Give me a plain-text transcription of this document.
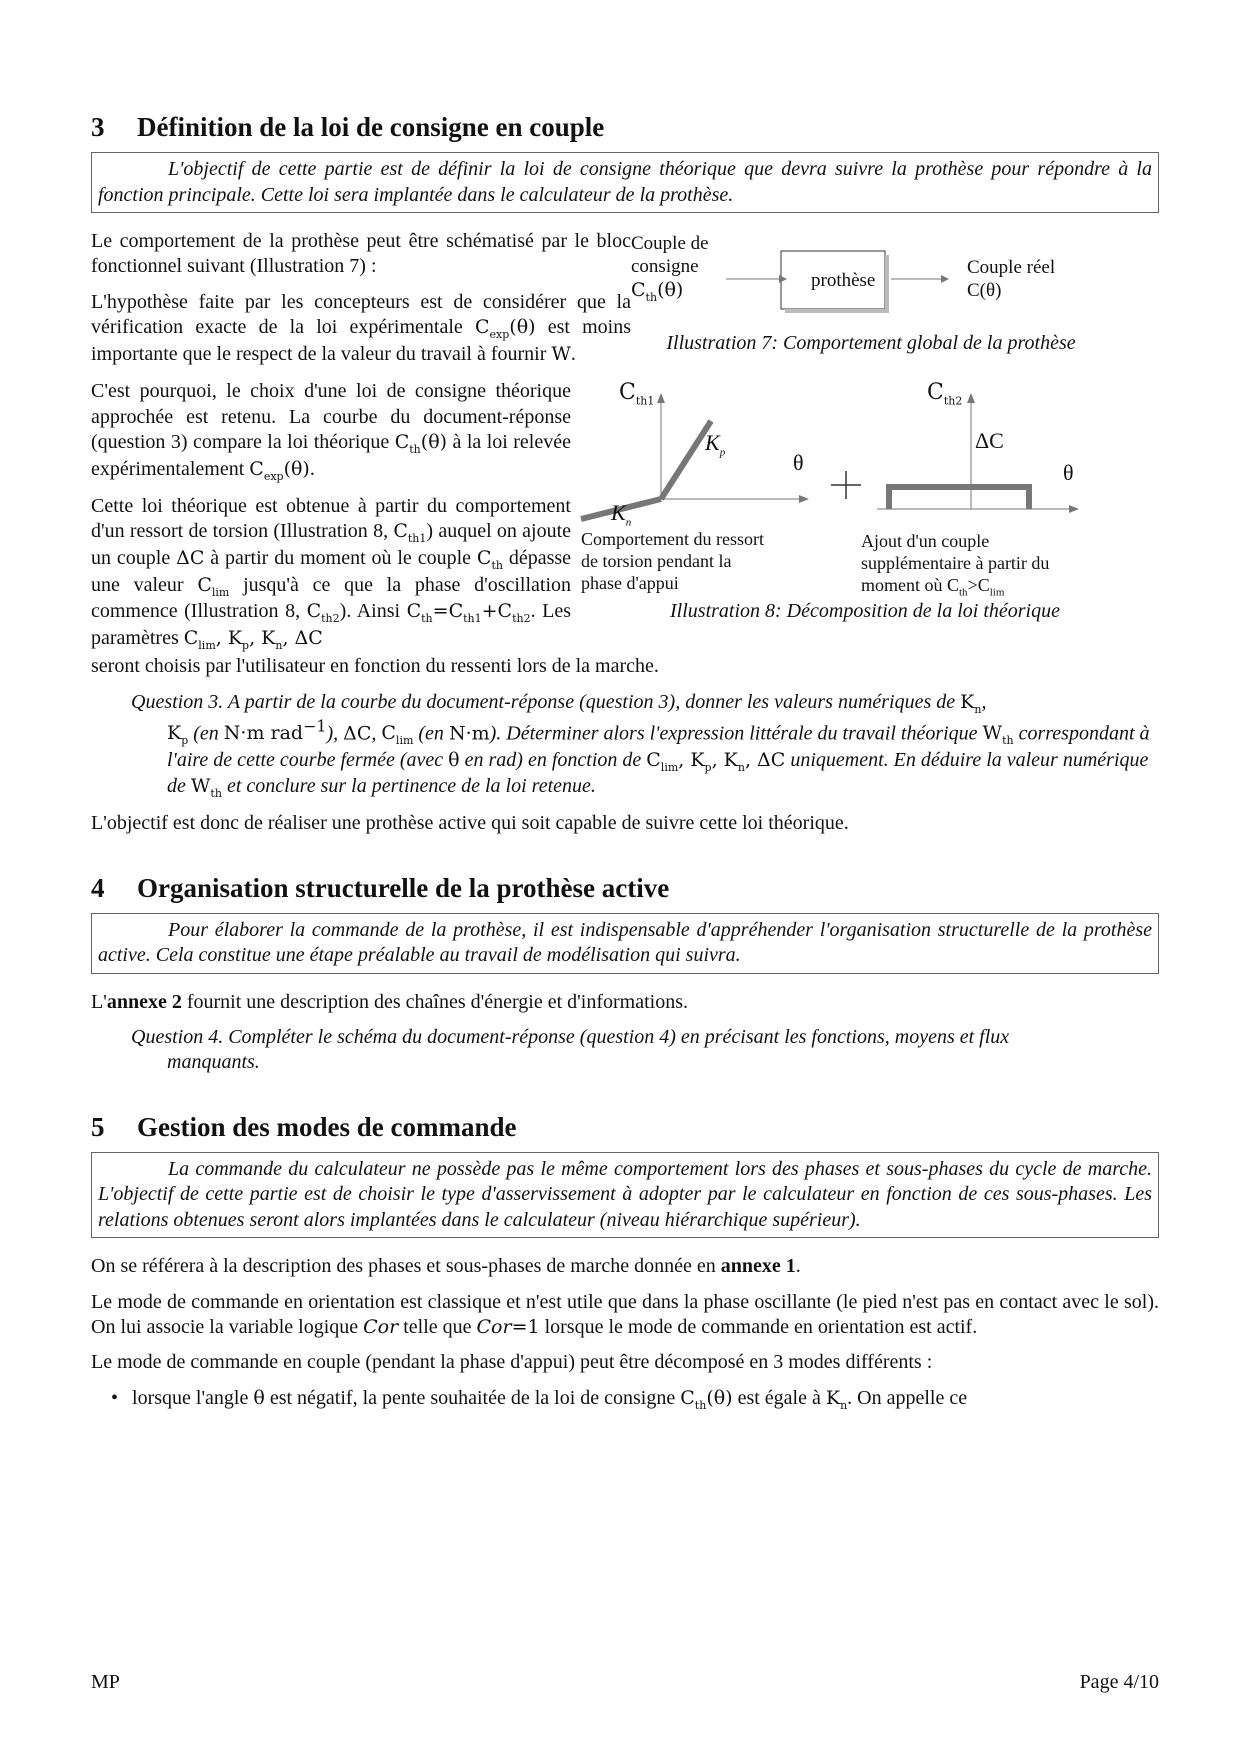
3 Définition de la loi de consigne en couple
L'objectif de cette partie est de définir la loi de consigne théorique que devra suivre la prothèse pour répondre à la fonction principale. Cette loi sera implantée dans le calculateur de la prothèse.

Le comportement de la prothèse peut être schématisé par le bloc fonctionnel suivant (Illustration 7) :

L'hypothèse faite par les concepteurs est de considérer que la vérification exacte de la loi expérimentale $C_{exp}(\theta)$ est moins importante que le respect de la valeur du travail à fournir W.

prothèse
Couple de
consigne
$C_{th}(\theta)$
Couple réel
C(θ)
Illustration 7: Comportement global de la prothèse

C'est pourquoi, le choix d'une loi de consigne théorique approchée est retenu. La courbe du document-réponse (question 3) compare la loi théorique $C_{th}(\theta)$ à la loi relevée expérimentalement $C_{exp}(\theta)$.

Cette loi théorique est obtenue à partir du comportement d'un ressort de torsion (Illustration 8, $C_{th1}$) auquel on ajoute un couple ΔC à partir du moment où le couple $C_{th}$ dépasse une valeur $C_{lim}$ jusqu'à ce que la phase d'oscillation commence (Illustration 8, $C_{th2}$). Ainsi $C_{th}=C_{th1}+C_{th2}$. Les paramètres $C_{lim}$, $K_p$, $K_n$, ΔC

$C_{th1}$
$K_p$
$K_n$
θ
$C_{th2}$
ΔC
θ
Comportement du ressort
de torsion pendant la
phase d'appui
Ajout d'un couple
supplémentaire à partir du
moment où $C_{th}>C_{lim}$
Illustration 8: Décomposition de la loi théorique

seront choisis par l'utilisateur en fonction du ressenti lors de la marche.

Question 3. A partir de la courbe du document-réponse (question 3), donner les valeurs numériques de $K_n$,
$K_p$ (en N·m rad$^{-1}$), ΔC, $C_{lim}$ (en N·m). Déterminer alors l'expression littérale du travail théorique $W_{th}$ correspondant à l'aire de cette courbe fermée (avec θ en rad) en fonction de $C_{lim}$, $K_p$, $K_n$, ΔC uniquement. En déduire la valeur numérique de $W_{th}$ et conclure sur la pertinence de la loi retenue.

L'objectif est donc de réaliser une prothèse active qui soit capable de suivre cette loi théorique.

4 Organisation structurelle de la prothèse active
Pour élaborer la commande de la prothèse, il est indispensable d'appréhender l'organisation structurelle de la prothèse active. Cela constitue une étape préalable au travail de modélisation qui suivra.

L'annexe 2 fournit une description des chaînes d'énergie et d'informations.

Question 4. Compléter le schéma du document-réponse (question 4) en précisant les fonctions, moyens et flux
manquants.
5 Gestion des modes de commande
La commande du calculateur ne possède pas le même comportement lors des phases et sous-phases du cycle de marche. L'objectif de cette partie est de choisir le type d'asservissement à adopter par le calculateur en fonction de ces sous-phases. Les relations obtenues seront alors implantées dans le calculateur (niveau hiérarchique supérieur).

On se référera à la description des phases et sous-phases de marche donnée en annexe 1.

Le mode de commande en orientation est classique et n'est utile que dans la phase oscillante (le pied n'est pas en contact avec le sol). On lui associe la variable logique Cor telle que Cor=1 lorsque le mode de commande en orientation est actif.

Le mode de commande en couple (pendant la phase d'appui) peut être décomposé en 3 modes différents :

• lorsque l'angle θ est négatif, la pente souhaitée de la loi de consigne $C_{th}(\theta)$ est égale à $K_n$. On appelle ce
MP	Page 4/10
